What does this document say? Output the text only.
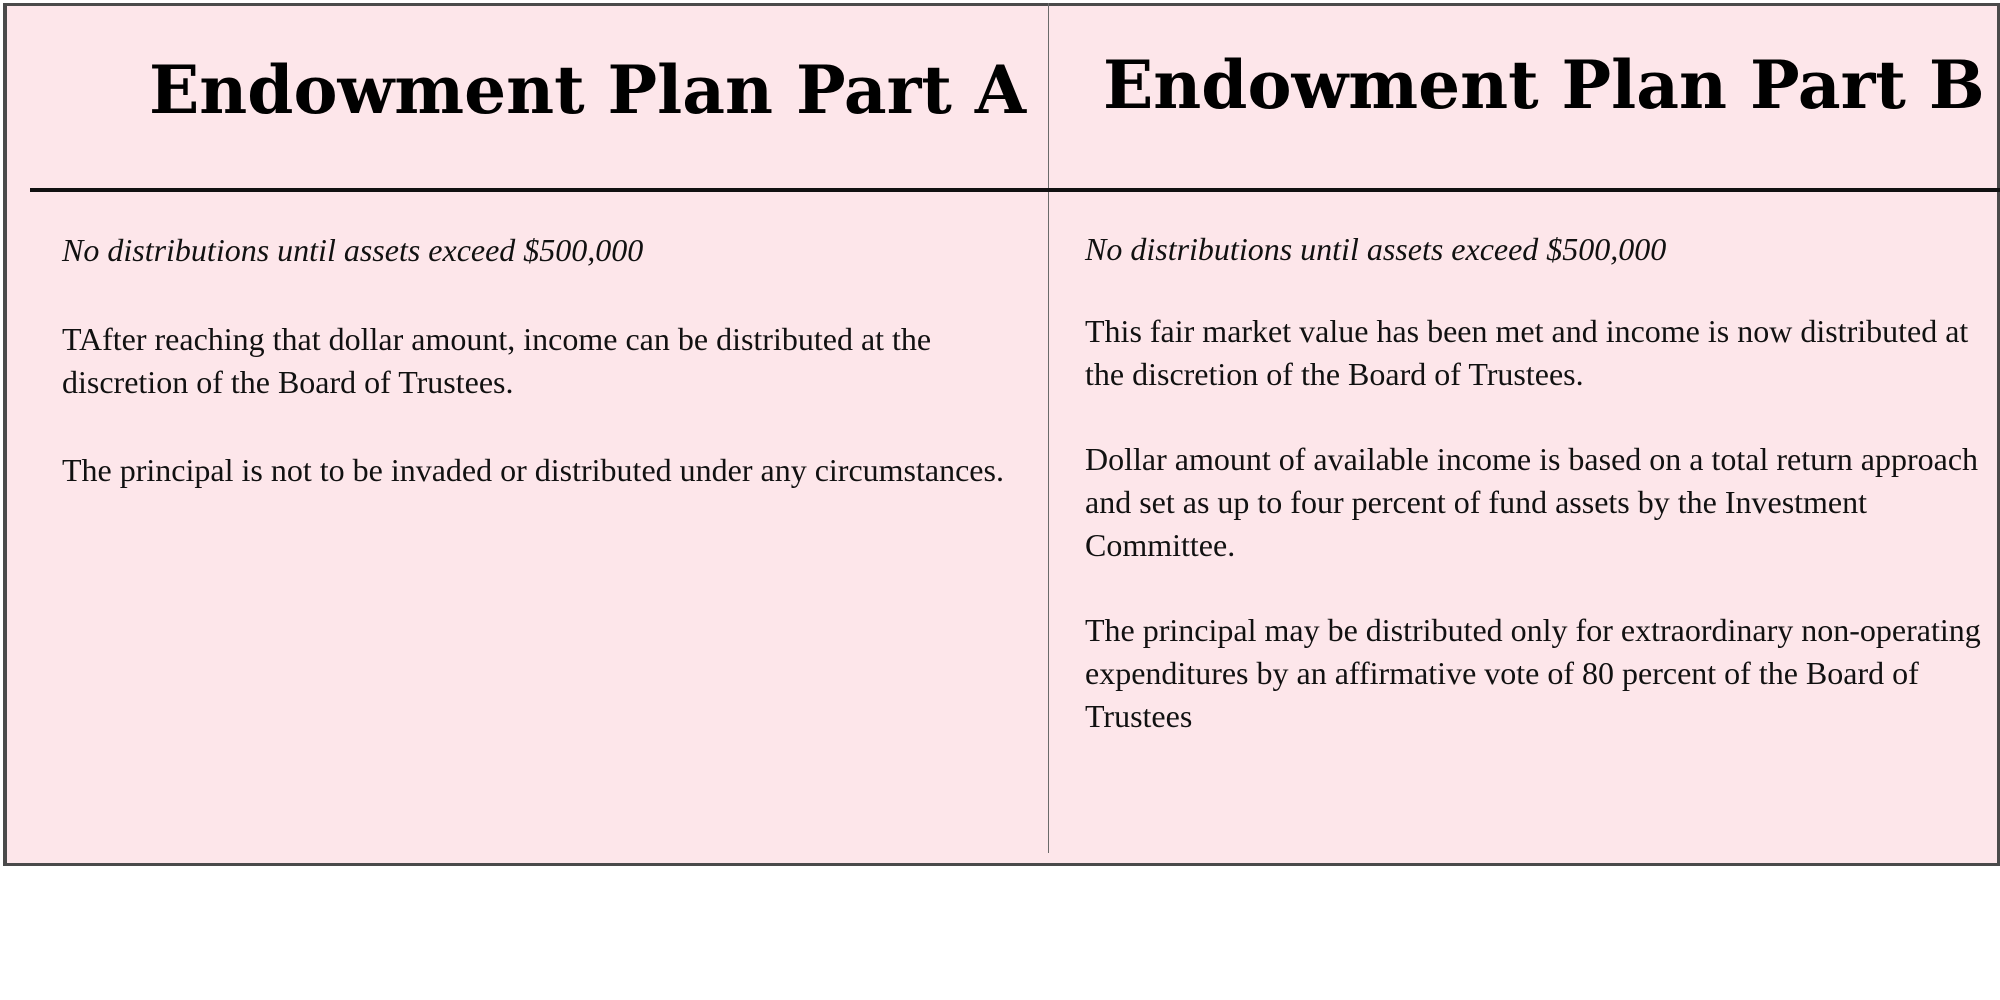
Endowment Plan Part A Endowment Plan Part B

No distributions until assets exceed $500,000

TAfter reaching that dollar amount, income can be distributed at the discretion of the Board of Trustees.

The principal is not to be invaded or distributed under any circumstances.

No distributions until assets exceed $500,000

This fair market value has been met and income is now distributed at the discretion of the Board of Trustees.

Dollar amount of available income is based on a total return approach and set as up to four percent of fund assets by the Investment Committee.

The principal may be distributed only for extraordinary non-operating expenditures by an affirmative vote of 80 percent of the Board of Trustees
